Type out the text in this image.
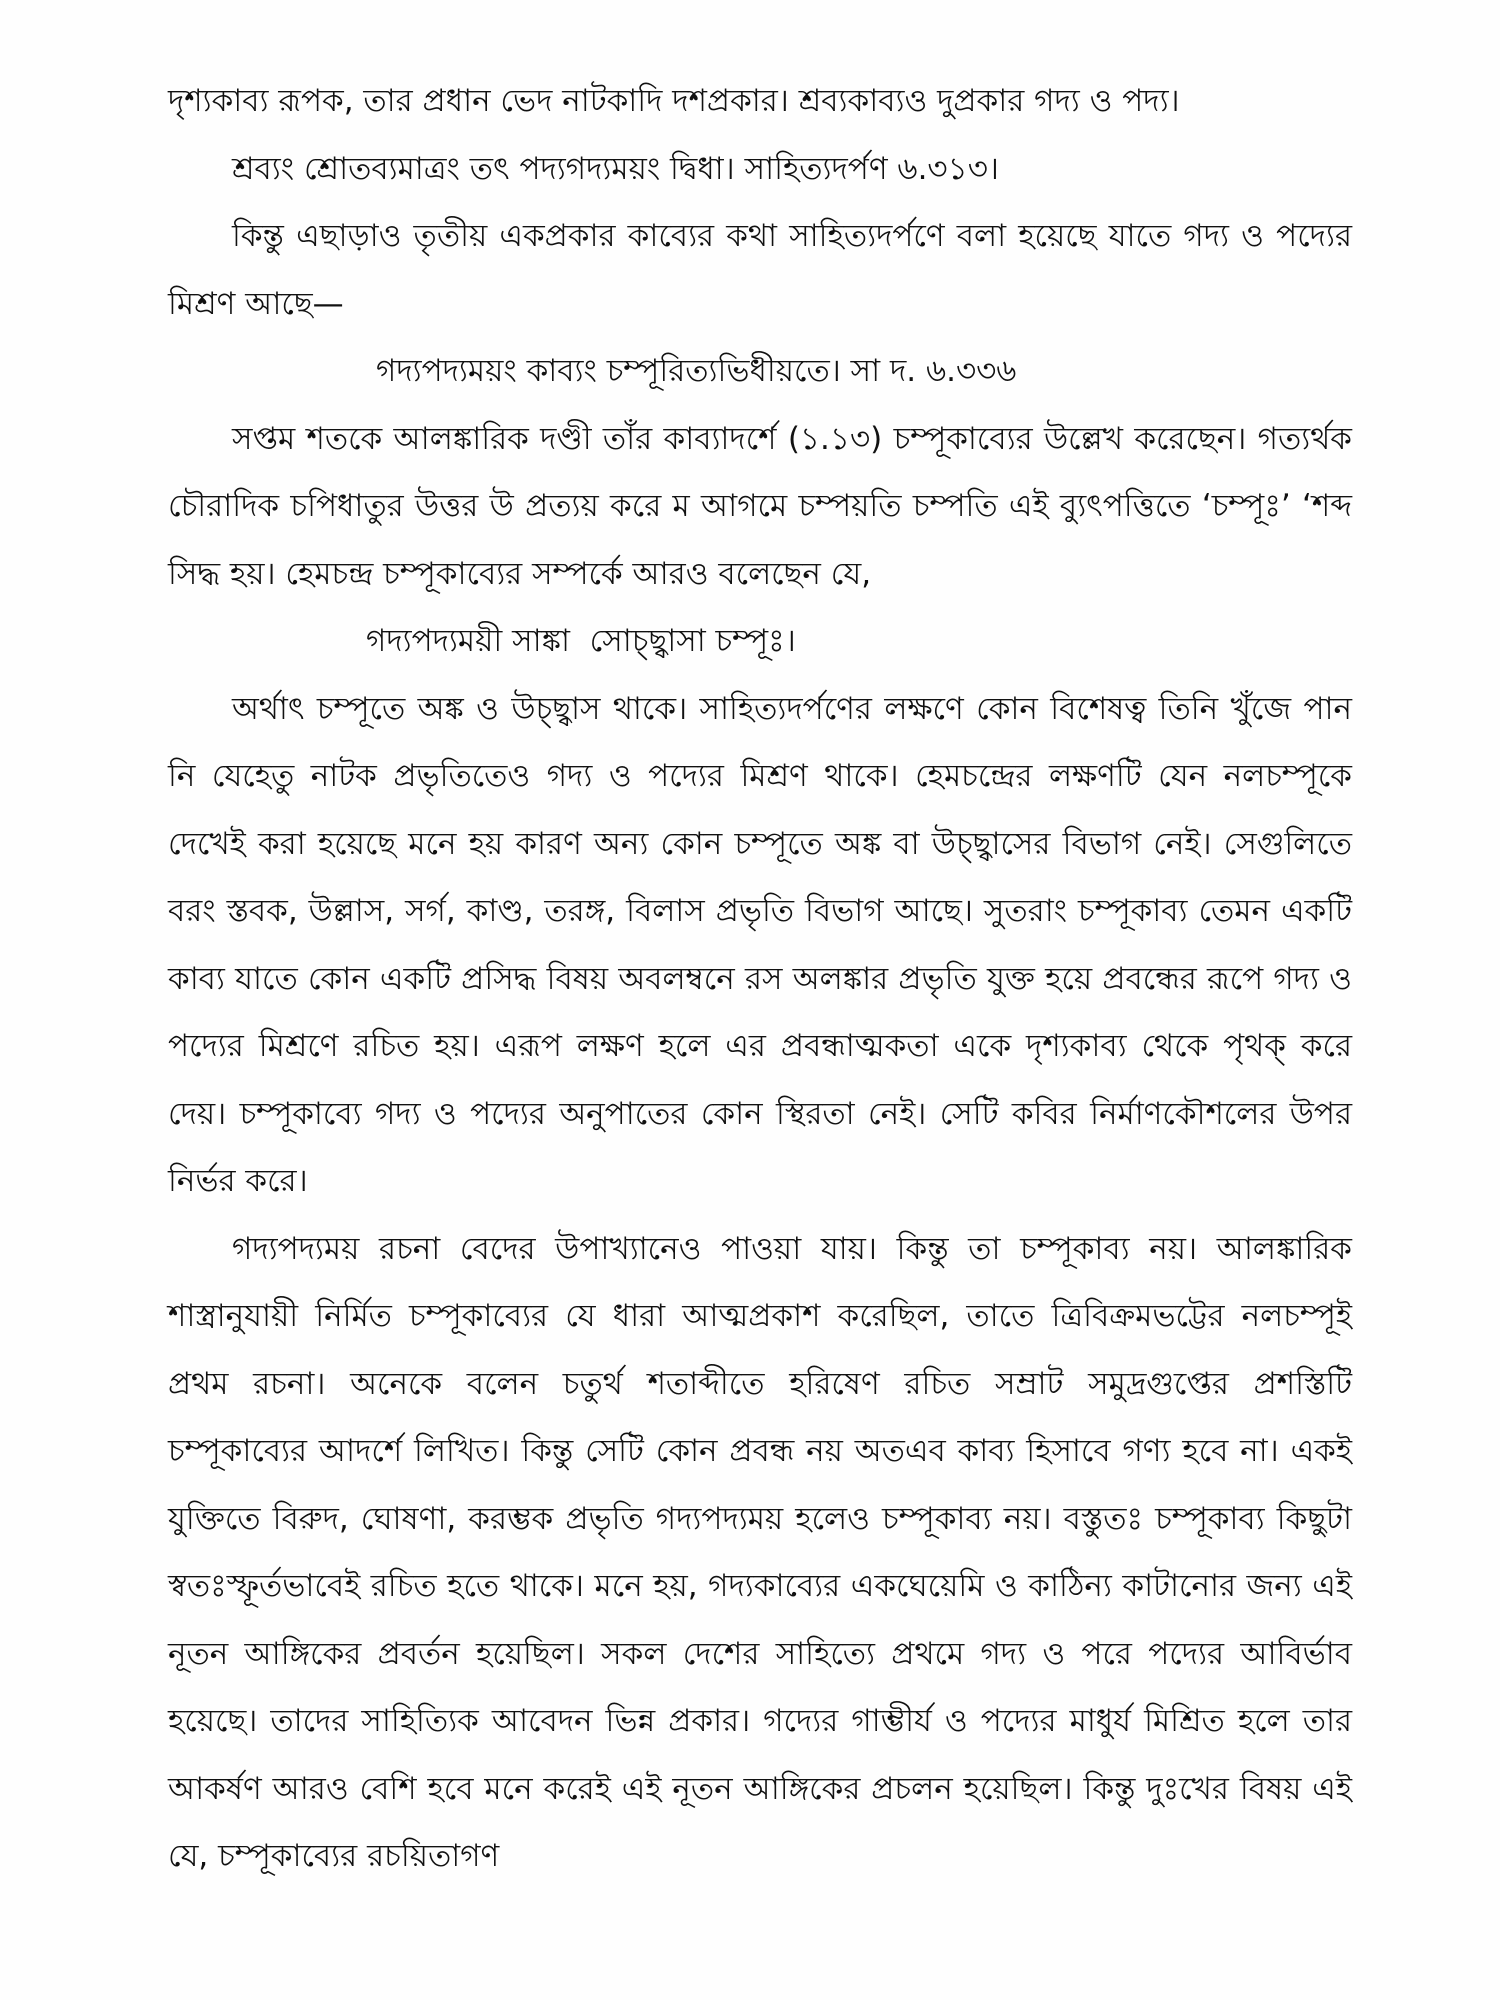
দৃশ্যকাব্য রূপক, তার প্রধান ভেদ নাটকাদি দশপ্রকার। শ্রব্যকাব্যও দুপ্রকার গদ্য ও পদ্য।

শ্রব্যং শ্রোতব্যমাত্রং তৎ পদ্যগদ্যময়ং দ্বিধা। সাহিত্যদর্পণ ৬.৩১৩।

কিন্তু এছাড়াও তৃতীয় একপ্রকার কাব্যের কথা সাহিত্যদর্পণে বলা হয়েছে যাতে গদ্য ও পদ্যের মিশ্রণ আছে—

গদ্যপদ্যময়ং কাব্যং চম্পূরিত্যভিধীয়তে। সা দ. ৬.৩৩৬

সপ্তম শতকে আলঙ্কারিক দণ্ডী তাঁর কাব্যাদর্শে (১.১৩) চম্পূকাব্যের উল্লেখ করেছেন। গত্যর্থক চৌরাদিক চপিধাতুর উত্তর উ প্রত্যয় করে ম আগমে চম্পয়তি চম্পতি এই ব্যুৎপত্তিতে ‘চম্পূঃ’ ‘শব্দ সিদ্ধ হয়। হেমচন্দ্র চম্পূকাব্যের সম্পর্কে আরও বলেছেন যে,

গদ্যপদ্যময়ী সাঙ্কা  সোচ্ছ্বাসা চম্পূঃ।

অর্থাৎ চম্পূতে অঙ্ক ও উচ্ছ্বাস থাকে। সাহিত্যদর্পণের লক্ষণে কোন বিশেষত্ব তিনি খুঁজে পান নি যেহেতু নাটক প্রভৃতিতেও গদ্য ও পদ্যের মিশ্রণ থাকে। হেমচন্দ্রের লক্ষণটি যেন নলচম্পূকে দেখেই করা হয়েছে মনে হয় কারণ অন্য কোন চম্পূতে অঙ্ক বা উচ্ছ্বাসের বিভাগ নেই। সেগুলিতে বরং স্তবক, উল্লাস, সর্গ, কাণ্ড, তরঙ্গ, বিলাস প্রভৃতি বিভাগ আছে। সুতরাং চম্পূকাব্য তেমন একটি কাব্য যাতে কোন একটি প্রসিদ্ধ বিষয় অবলম্বনে রস অলঙ্কার প্রভৃতি যুক্ত হয়ে প্রবন্ধের রূপে গদ্য ও পদ্যের মিশ্রণে রচিত হয়। এরূপ লক্ষণ হলে এর প্রবন্ধাত্মকতা একে দৃশ্যকাব্য থেকে পৃথক্ করে দেয়। চম্পূকাব্যে গদ্য ও পদ্যের অনুপাতের কোন স্থিরতা নেই। সেটি কবির নির্মাণকৌশলের উপর নির্ভর করে।

গদ্যপদ্যময় রচনা বেদের উপাখ্যানেও পাওয়া যায়। কিন্তু তা চম্পূকাব্য নয়। আলঙ্কারিক শাস্ত্রানুযায়ী নির্মিত চম্পূকাব্যের যে ধারা আত্মপ্রকাশ করেছিল, তাতে ত্রিবিক্রমভট্টের নলচম্পূই প্রথম রচনা। অনেকে বলেন চতুর্থ শতাব্দীতে হরিষেণ রচিত সম্রাট সমুদ্রগুপ্তের প্রশস্তিটি চম্পূকাব্যের আদর্শে লিখিত। কিন্তু সেটি কোন প্রবন্ধ নয় অতএব কাব্য হিসাবে গণ্য হবে না। একই যুক্তিতে বিরুদ, ঘোষণা, করম্ভক প্রভৃতি গদ্যপদ্যময় হলেও চম্পূকাব্য নয়। বস্তুতঃ চম্পূকাব্য কিছুটা স্বতঃস্ফূর্তভাবেই রচিত হতে থাকে। মনে হয়, গদ্যকাব্যের একঘেয়েমি ও কাঠিন্য কাটানোর জন্য এই নূতন আঙ্গিকের প্রবর্তন হয়েছিল। সকল দেশের সাহিত্যে প্রথমে গদ্য ও পরে পদ্যের আবির্ভাব হয়েছে। তাদের সাহিত্যিক আবেদন ভিন্ন প্রকার। গদ্যের গাম্ভীর্য ও পদ্যের মাধুর্য মিশ্রিত হলে তার আকর্ষণ আরও বেশি হবে মনে করেই এই নূতন আঙ্গিকের প্রচলন হয়েছিল। কিন্তু দুঃখের বিষয় এই যে, চম্পূকাব্যের রচয়িতাগণ
